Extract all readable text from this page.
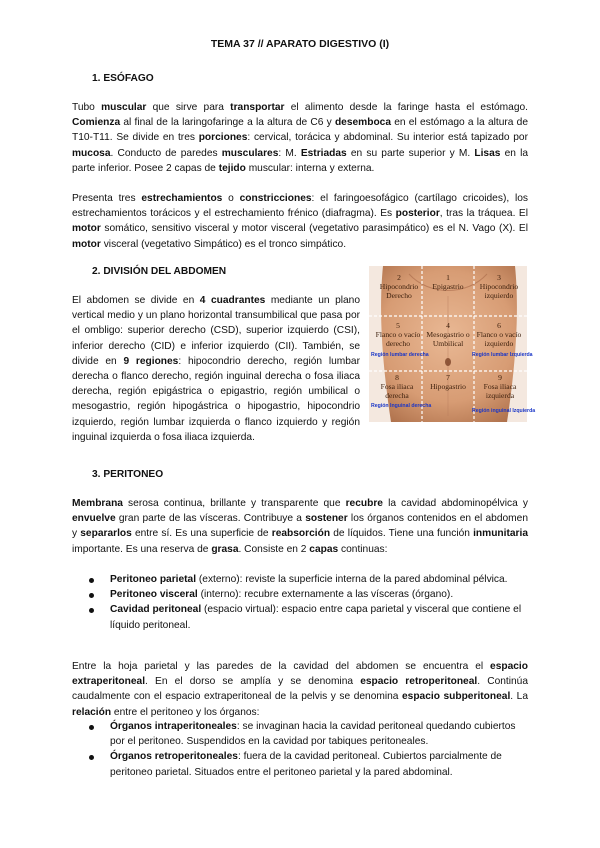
TEMA 37 // APARATO DIGESTIVO (I)
1. ESÓFAGO

Tubo muscular que sirve para transportar el alimento desde la faringe hasta el estómago. Comienza al final de la laringofaringe a la altura de C6 y desemboca en el estómago a la altura de T10-T11. Se divide en tres porciones: cervical, torácica y abdominal. Su interior está tapizado por mucosa. Conducto de paredes musculares: M. Estriadas en su parte superior y M. Lisas en la parte inferior. Posee 2 capas de tejido muscular: interna y externa.

Presenta tres estrechamientos o constricciones: el faringoesofágico (cartílago cricoides), los estrechamientos torácicos y el estrechamiento frénico (diafragma). Es posterior, tras la tráquea. El motor somático, sensitivo visceral y motor visceral (vegetativo parasimpático) es el N. Vago (X). El motor visceral (vegetativo Simpático) es el tronco simpático.

2. DIVISIÓN DEL ABDOMEN

El abdomen se divide en 4 cuadrantes mediante un plano vertical medio y un plano horizontal transumbilical que pasa por el ombligo: superior derecho (CSD), superior izquierdo (CSI), inferior derecho (CID) e inferior izquierdo (CII). También, se divide en 9 regiones: hipocondrio derecho, región lumbar derecha o flanco derecho, región inguinal derecha o fosa iliaca derecha, región epigástrica o epigastrio, región umbilical o mesogastrio, región hipogástrica o hipogastrio, hipocondrio izquierdo, región lumbar izquierda o flanco izquierdo y región inguinal izquierda o fosa iliaca izquierda.

2
Hipocondrio Derecho
1
Epigastrio
3
Hipocondrio izquierdo
5
Flanco o vacío derecho
4
Mesogastrio o Umbilical
6
Flanco o vacío izquierdo
Región lumbar derecha	Región lumbar Izquierda
8
Fosa iliaca derecha
7
Hipogastrio
9
Fosa iliaca izquierda
Región Inguinal derecha
Región inguinal Izquierda
3. PERITONEO

Membrana serosa continua, brillante y transparente que recubre la cavidad abdominopélvica y envuelve gran parte de las vísceras. Contribuye a sostener los órganos contenidos en el abdomen y separarlos entre sí. Es una superficie de reabsorción de líquidos. Tiene una función inmunitaria importante. Es una reserva de grasa. Consiste en 2 capas continuas:

Peritoneo parietal (externo): reviste la superficie interna de la pared abdominal pélvica.
Peritoneo visceral (interno): recubre externamente a las vísceras (órgano).
Cavidad peritoneal (espacio virtual): espacio entre capa parietal y visceral que contiene el líquido peritoneal.

Entre la hoja parietal y las paredes de la cavidad del abdomen se encuentra el espacio extraperitoneal. En el dorso se amplía y se denomina espacio retroperitoneal. Continúa caudalmente con el espacio extraperitoneal de la pelvis y se denomina espacio subperitoneal. La relación entre el peritoneo y los órganos:

Órganos intraperitoneales: se invaginan hacia la cavidad peritoneal quedando cubiertos por el peritoneo. Suspendidos en la cavidad por tabiques peritoneales.
Órganos retroperitoneales: fuera de la cavidad peritoneal. Cubiertos parcialmente de peritoneo parietal. Situados entre el peritoneo parietal y la pared abdominal.
